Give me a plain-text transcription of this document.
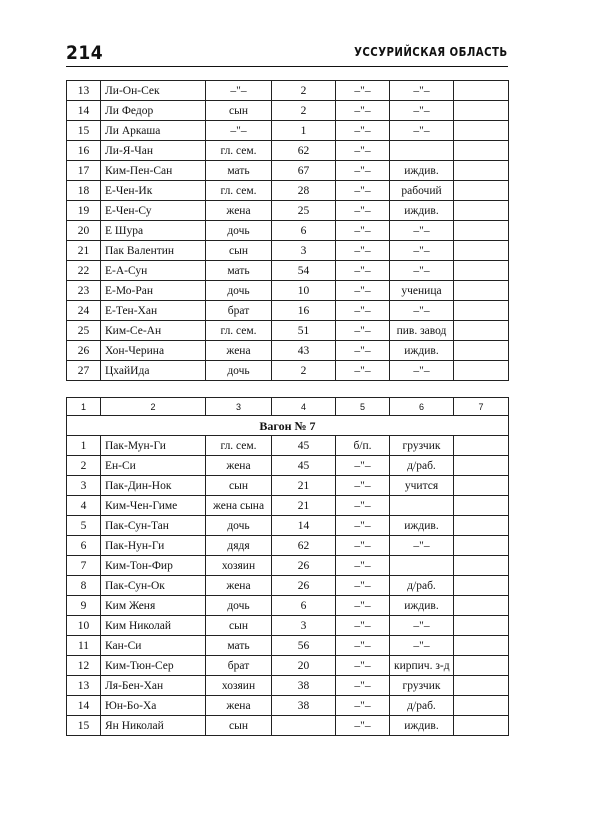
214	УССУРИЙСКАЯ ОБЛАСТЬ
13	Ли-Он-Сек	–"–	2	–"–	–"–	
14	Ли Федор	сын	2	–"–	–"–	
15	Ли Аркаша	–"–	1	–"–	–"–	
16	Ли-Я-Чан	гл. сем.	62	–"–		
17	Ким-Пен-Сан	мать	67	–"–	иждив.	
18	Е-Чен-Ик	гл. сем.	28	–"–	рабочий	
19	Е-Чен-Су	жена	25	–"–	иждив.	
20	Е Шура	дочь	6	–"–	–"–	
21	Пак Валентин	сын	3	–"–	–"–	
22	Е-А-Сун	мать	54	–"–	–"–	
23	Е-Мо-Ран	дочь	10	–"–	ученица	
24	Е-Тен-Хан	брат	16	–"–	–"–	
25	Ким-Се-Ан	гл. сем.	51	–"–	пив. завод	
26	Хон-Черина	жена	43	–"–	иждив.	
27	ЦхайИда	дочь	2	–"–	–"–	
1	2	3	4	5	6	7
Вагон № 7						
1	Пак-Мун-Ги	гл. сем.	45	б/п.	грузчик	
2	Ен-Си	жена	45	–"–	д/раб.	
3	Пак-Дин-Нок	сын	21	–"–	учится	
4	Ким-Чен-Гиме	жена сына	21	–"–		
5	Пак-Сун-Тан	дочь	14	–"–	иждив.	
6	Пак-Нун-Ги	дядя	62	–"–	–"–	
7	Ким-Тон-Фир	хозяин	26	–"–		
8	Пак-Сун-Ок	жена	26	–"–	д/раб.	
9	Ким Женя	дочь	6	–"–	иждив.	
10	Ким Николай	сын	3	–"–	–"–	
11	Кан-Си	мать	56	–"–	–"–	
12	Ким-Тюн-Сер	брат	20	–"–	кирпич. з-д	
13	Ля-Бен-Хан	хозяин	38	–"–	грузчик	
14	Юн-Бо-Ха	жена	38	–"–	д/раб.	
15	Ян Николай	сын		–"–	иждив.	
